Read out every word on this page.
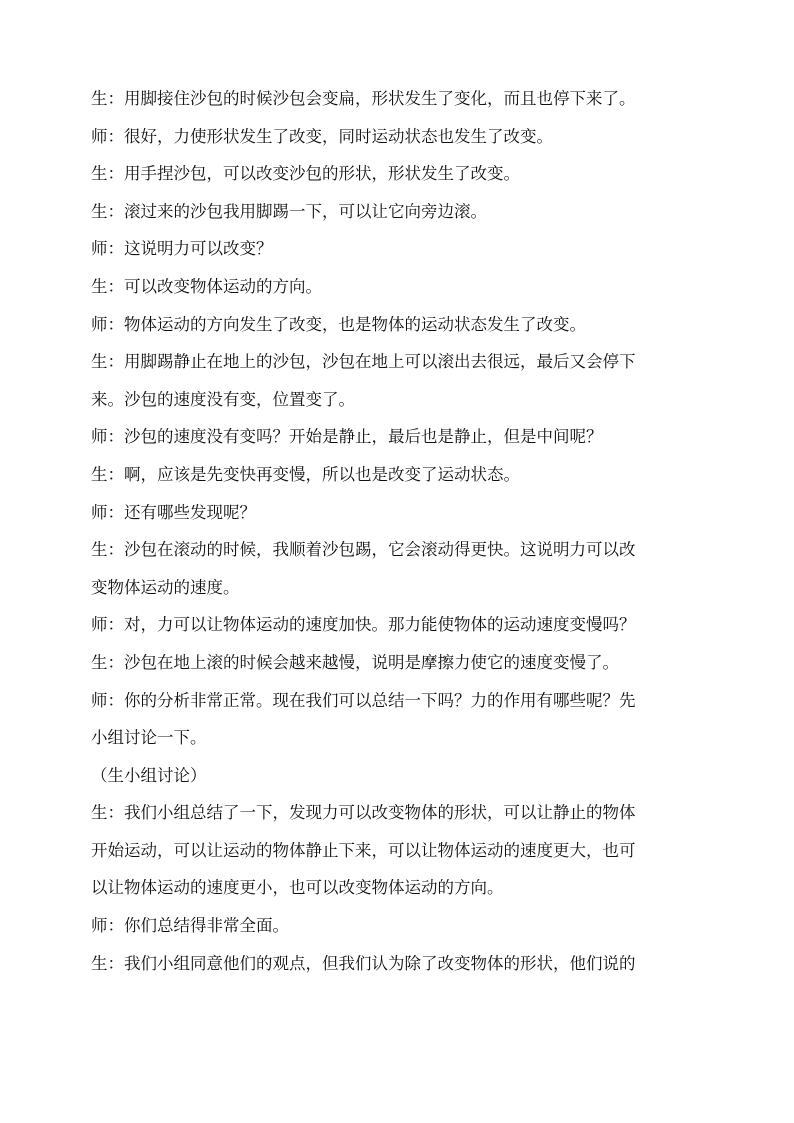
生：用脚接住沙包的时候沙包会变扁，形状发生了变化，而且也停下来了。
师：很好，力使形状发生了改变，同时运动状态也发生了改变。
生：用手捏沙包，可以改变沙包的形状，形状发生了改变。
生：滚过来的沙包我用脚踢一下，可以让它向旁边滚。
师：这说明力可以改变？
生：可以改变物体运动的方向。
师：物体运动的方向发生了改变，也是物体的运动状态发生了改变。
生：用脚踢静止在地上的沙包，沙包在地上可以滚出去很远，最后又会停下
来。沙包的速度没有变，位置变了。
师：沙包的速度没有变吗？开始是静止，最后也是静止，但是中间呢？
生：啊，应该是先变快再变慢，所以也是改变了运动状态。
师：还有哪些发现呢？
生：沙包在滚动的时候，我顺着沙包踢，它会滚动得更快。这说明力可以改
变物体运动的速度。
师：对，力可以让物体运动的速度加快。那力能使物体的运动速度变慢吗？
生：沙包在地上滚的时候会越来越慢，说明是摩擦力使它的速度变慢了。
师：你的分析非常正常。现在我们可以总结一下吗？力的作用有哪些呢？先
小组讨论一下。
（生小组讨论）
生：我们小组总结了一下，发现力可以改变物体的形状，可以让静止的物体
开始运动，可以让运动的物体静止下来，可以让物体运动的速度更大，也可
以让物体运动的速度更小，也可以改变物体运动的方向。
师：你们总结得非常全面。
生：我们小组同意他们的观点，但我们认为除了改变物体的形状，他们说的
